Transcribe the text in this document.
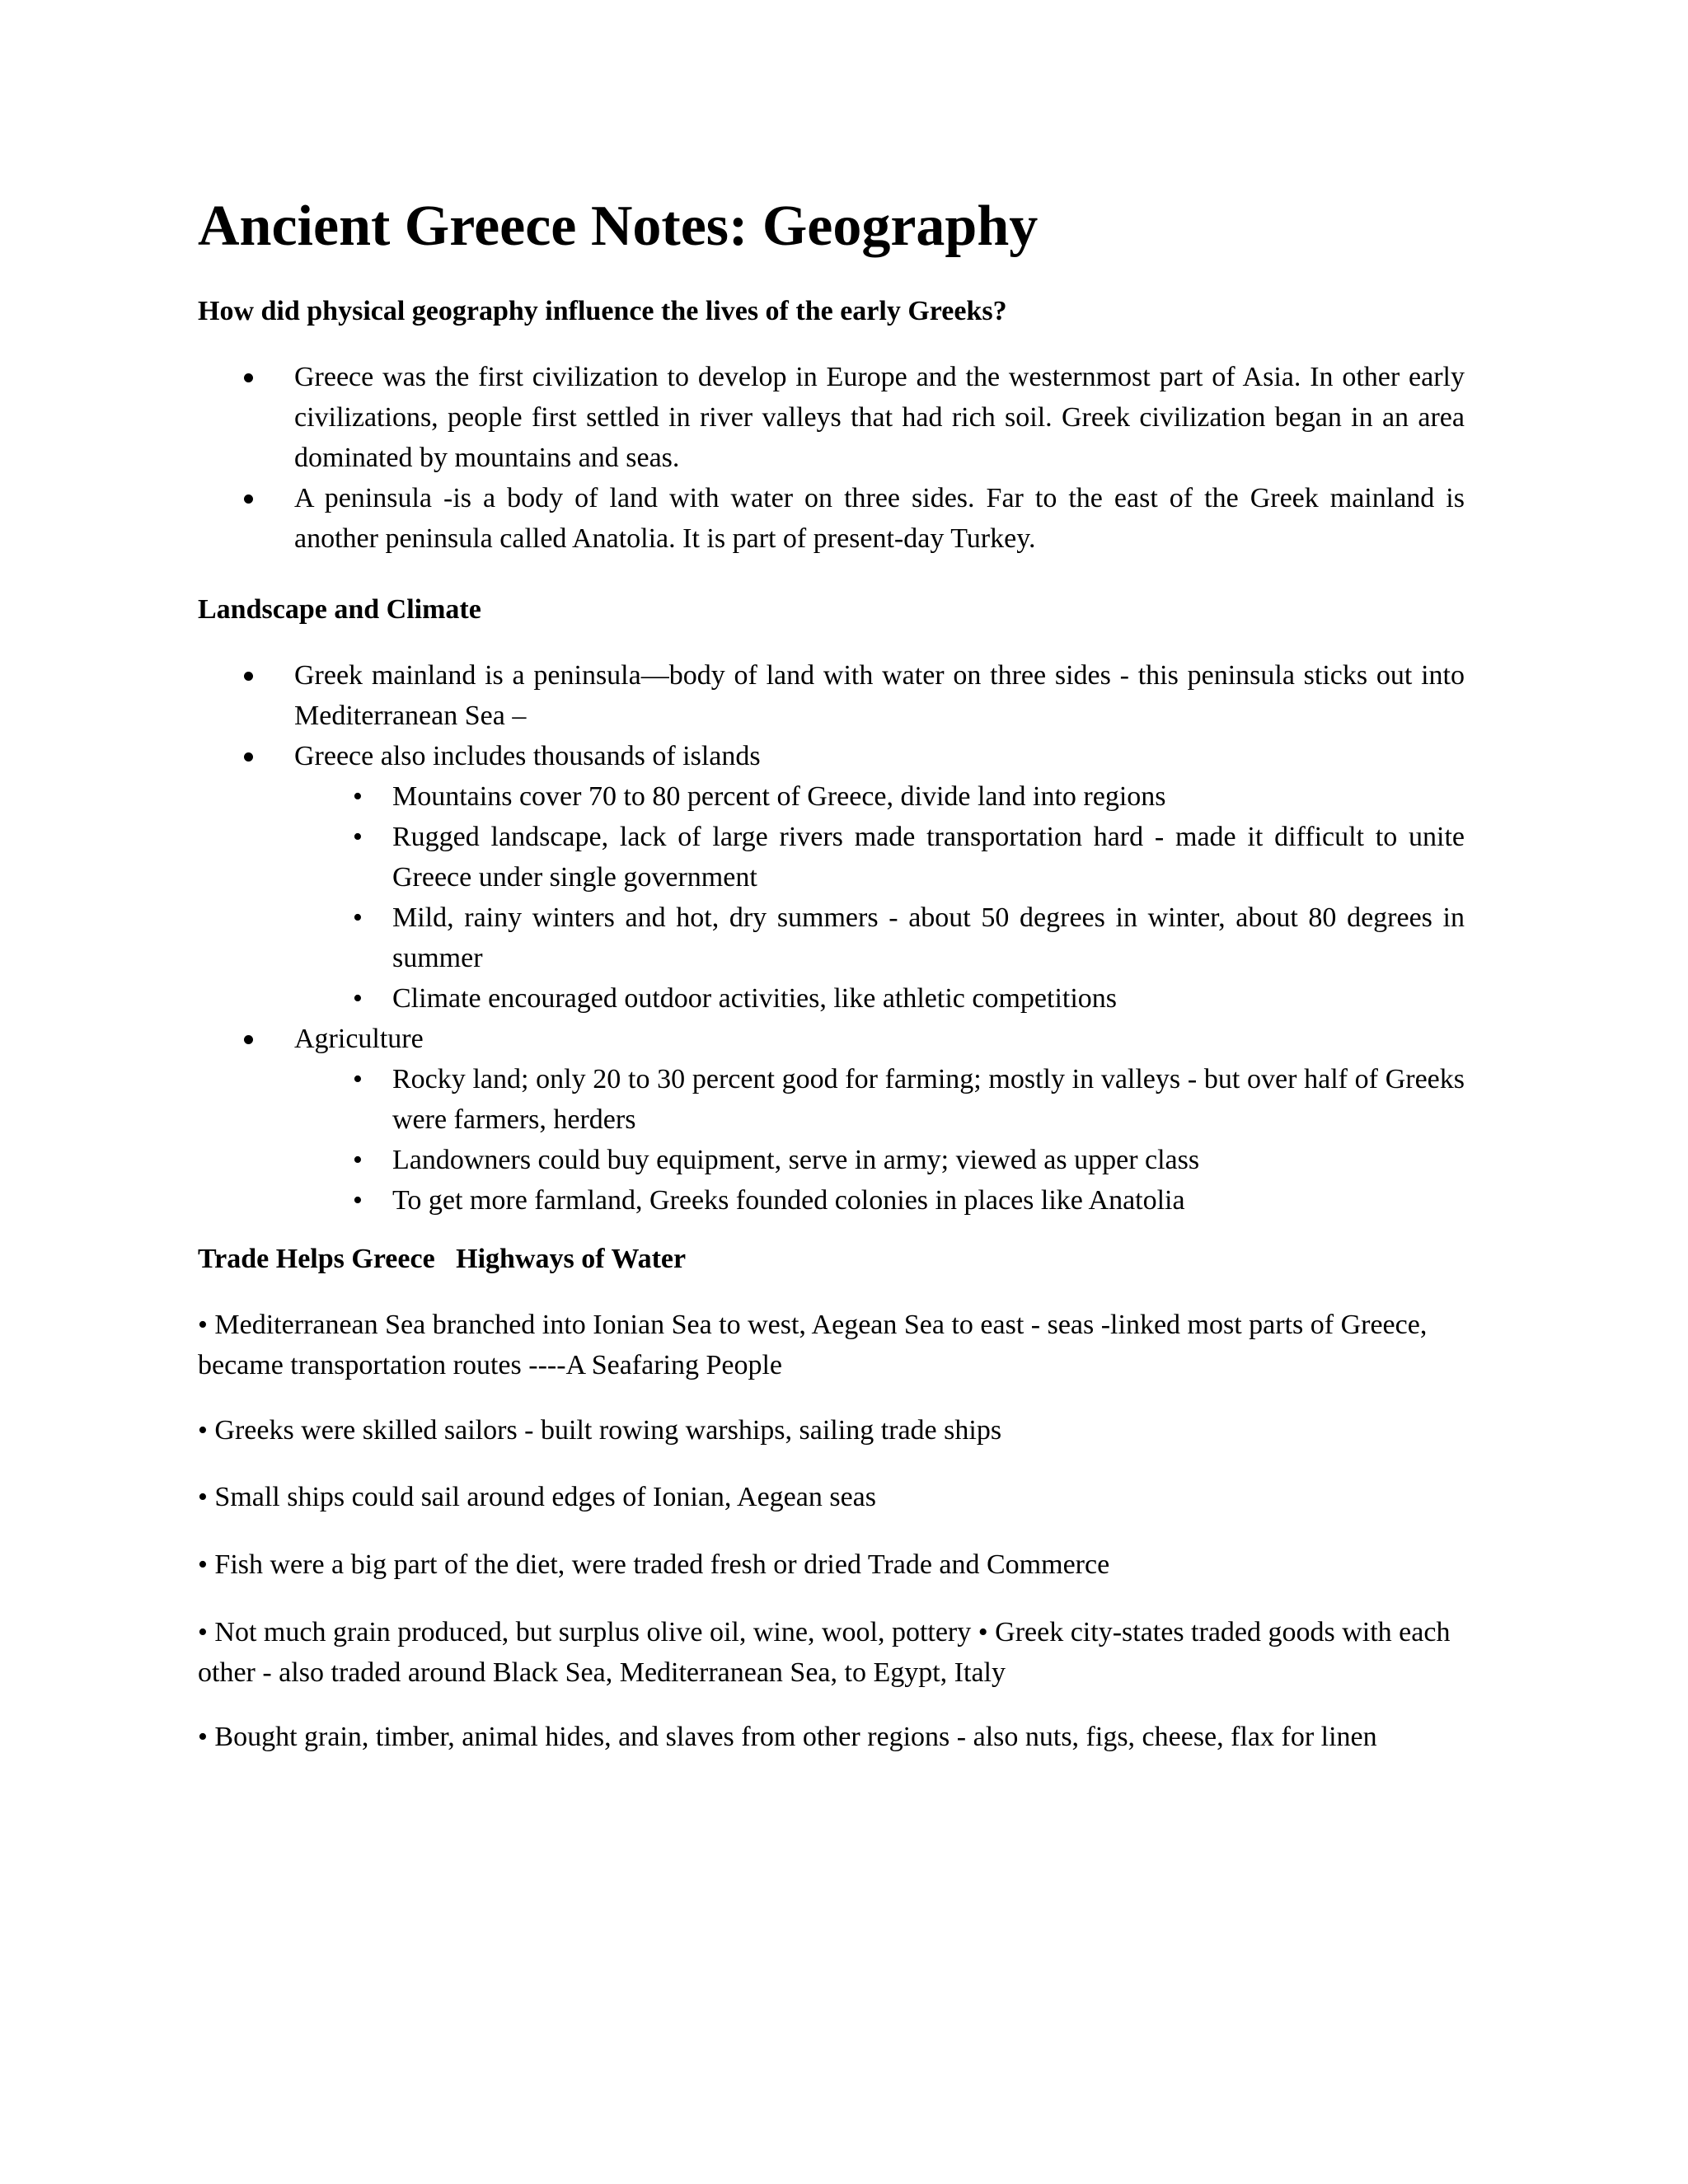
Ancient Greece Notes: Geography
How did physical geography influence the lives of the early Greeks?
Greece was the first civilization to develop in Europe and the westernmost part of Asia. In other early civilizations, people first settled in river valleys that had rich soil. Greek civilization began in an area dominated by mountains and seas.
A peninsula -is a body of land with water on three sides. Far to the east of the Greek mainland is another peninsula called Anatolia. It is part of present-day Turkey.
Landscape and Climate
Greek mainland is a peninsula—body of land with water on three sides - this peninsula sticks out into Mediterranean Sea –
Greece also includes thousands of islands
• Mountains cover 70 to 80 percent of Greece, divide land into regions
• Rugged landscape, lack of large rivers made transportation hard - made it difficult to unite Greece under single government
• Mild, rainy winters and hot, dry summers - about 50 degrees in winter, about 80 degrees in summer
• Climate encouraged outdoor activities, like athletic competitions
Agriculture
• Rocky land; only 20 to 30 percent good for farming; mostly in valleys - but over half of Greeks were farmers, herders
• Landowners could buy equipment, serve in army; viewed as upper class
• To get more farmland, Greeks founded colonies in places like Anatolia
Trade Helps Greece   Highways of Water

• Mediterranean Sea branched into Ionian Sea to west, Aegean Sea to east - seas -linked most parts of Greece, became transportation routes ----A Seafaring People

• Greeks were skilled sailors - built rowing warships, sailing trade ships

• Small ships could sail around edges of Ionian, Aegean seas

• Fish were a big part of the diet, were traded fresh or dried Trade and Commerce

• Not much grain produced, but surplus olive oil, wine, wool, pottery • Greek city-states traded goods with each other - also traded around Black Sea, Mediterranean Sea, to Egypt, Italy

• Bought grain, timber, animal hides, and slaves from other regions - also nuts, figs, cheese, flax for linen
